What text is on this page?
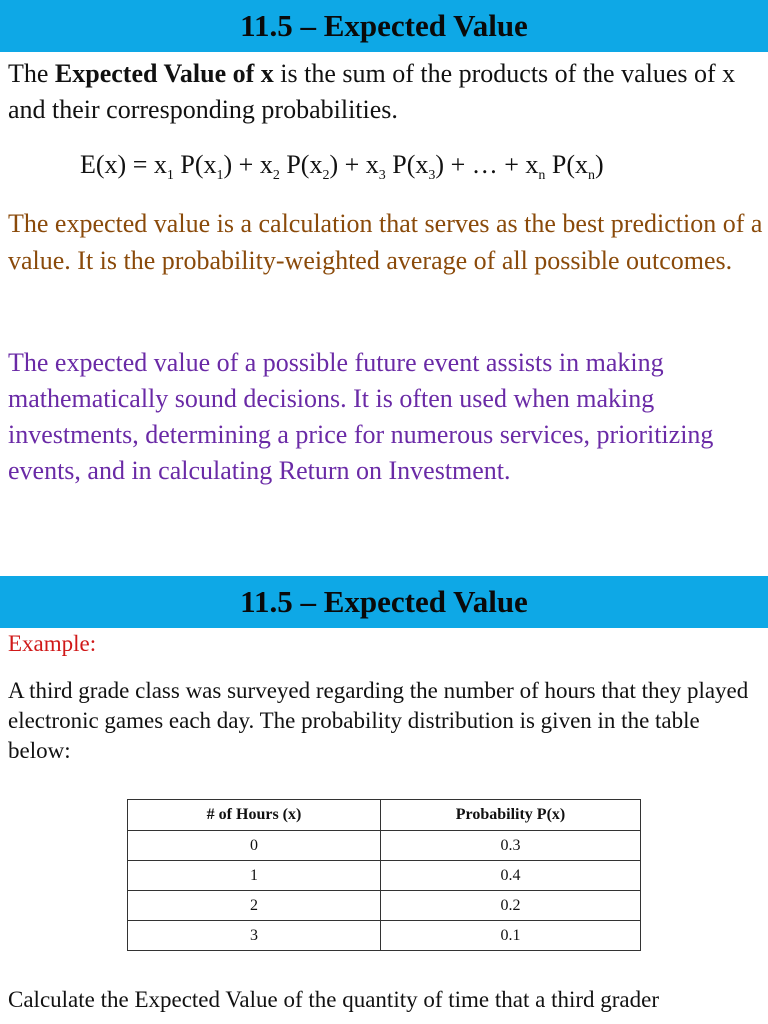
11.5 – Expected Value
The Expected Value of x is the sum of the products of the values of x and their corresponding probabilities.
$E(x) = x_1$ $P(x_1) + x_2$ $P(x_2) + x_3$ $P(x_3)$ + … + $x_n$ $P(x_n)$
The expected value is a calculation that serves as the best prediction of a value. It is the probability-weighted average of all possible outcomes.
The expected value of a possible future event assists in making mathematically sound decisions. It is often used when making investments, determining a price for numerous services, prioritizing events, and in calculating Return on Investment.
11.5 – Expected Value
Example:
A third grade class was surveyed regarding the number of hours that they played electronic games each day. The probability distribution is given in the table below:
# of Hours (x)	Probability P(x)
0	0.3
1	0.4
2	0.2
3	0.1
Calculate the Expected Value of the quantity of time that a third grader
